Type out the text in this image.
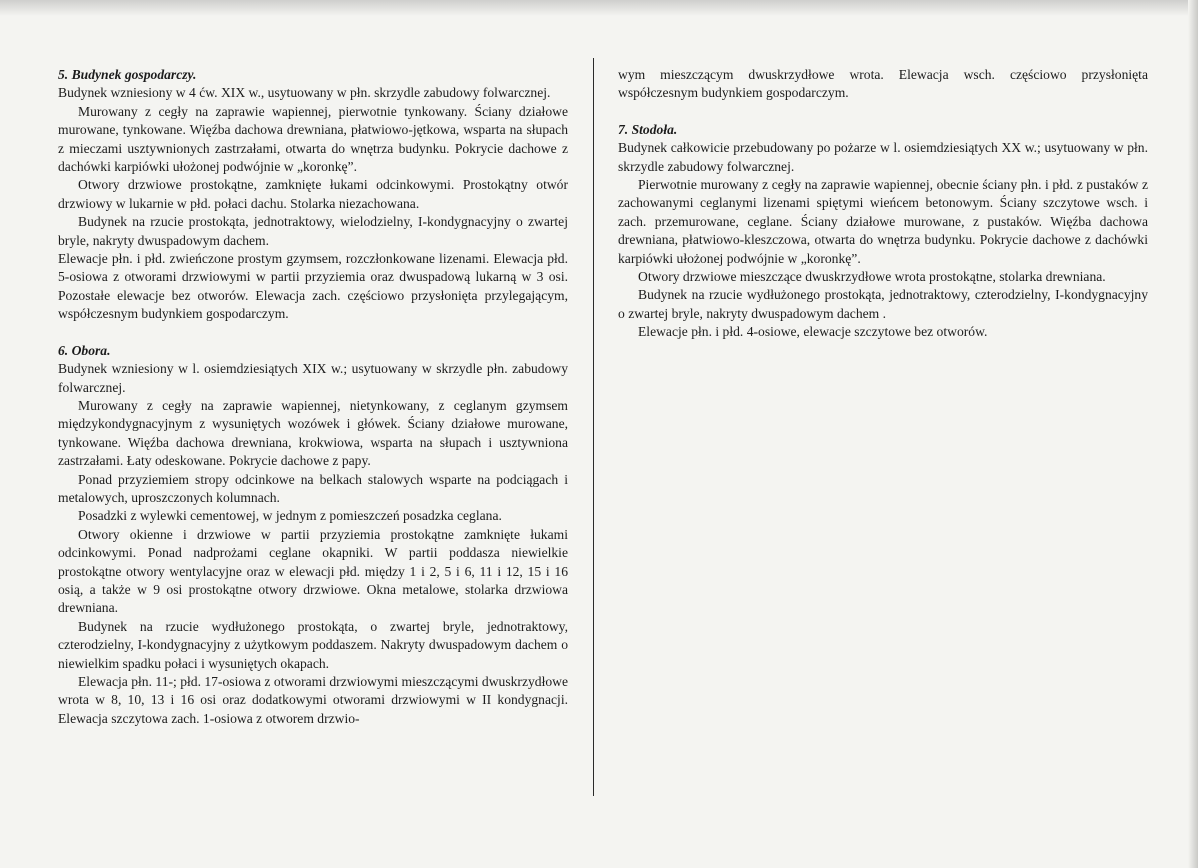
5. Budynek gospodarczy.

Budynek wzniesiony w 4 ćw. XIX w., usytuowany w płn. skrzydle zabudowy folwarcznej.

Murowany z cegły na zaprawie wapiennej, pierwotnie tynkowany. Ściany działowe murowane, tynkowane. Więźba dachowa drewniana, płatwiowo-jętkowa, wsparta na słupach z mieczami usztywnionych zastrzałami, otwarta do wnętrza budynku. Pokrycie dachowe z dachówki karpiówki ułożonej podwójnie w „koronkę”.

Otwory drzwiowe prostokątne, zamknięte łukami odcinkowymi. Prostokątny otwór drzwiowy w lukarnie w płd. połaci dachu. Stolarka niezachowana.

Budynek na rzucie prostokąta, jednotraktowy, wielodzielny, I-kondygnacyjny o zwartej bryle, nakryty dwuspadowym dachem.

Elewacje płn. i płd. zwieńczone prostym gzymsem, rozczłonkowane lizenami. Elewacja płd. 5-osiowa z otworami drzwiowymi w partii przyziemia oraz dwuspadową lukarną w 3 osi. Pozostałe elewacje bez otworów. Elewacja zach. częściowo przysłonięta przylegającym, współczesnym budynkiem gospodarczym.

6. Obora.

Budynek wzniesiony w l. osiemdziesiątych XIX w.; usytuowany w skrzydle płn. zabudowy folwarcznej.

Murowany z cegły na zaprawie wapiennej, nietynkowany, z ceglanym gzymsem międzykondygnacyjnym z wysuniętych wozówek i główek. Ściany działowe murowane, tynkowane. Więźba dachowa drewniana, krokwiowa, wsparta na słupach i usztywniona zastrzałami. Łaty odeskowane. Pokrycie dachowe z papy.

Ponad przyziemiem stropy odcinkowe na belkach stalowych wsparte na podciągach i metalowych, uproszczonych kolumnach.

Posadzki z wylewki cementowej, w jednym z pomieszczeń posadzka ceglana.

Otwory okienne i drzwiowe w partii przyziemia prostokątne zamknięte łukami odcinkowymi. Ponad nadprożami ceglane okapniki. W partii poddasza niewielkie prostokątne otwory wentylacyjne oraz w elewacji płd. między 1 i 2, 5 i 6, 11 i 12, 15 i 16 osią, a także w 9 osi prostokątne otwory drzwiowe. Okna metalowe, stolarka drzwiowa drewniana.

Budynek na rzucie wydłużonego prostokąta, o zwartej bryle, jednotraktowy, czterodzielny, I-kondygnacyjny z użytkowym poddaszem. Nakryty dwuspadowym dachem o niewielkim spadku połaci i wysuniętych okapach.

Elewacja płn. 11-; płd. 17-osiowa z otworami drzwiowymi mieszczącymi dwuskrzydłowe wrota w 8, 10, 13 i 16 osi oraz dodatkowymi otworami drzwiowymi w II kondygnacji. Elewacja szczytowa zach. 1-osiowa z otworem drzwio-

wym mieszczącym dwuskrzydłowe wrota. Elewacja wsch. częściowo przysłonięta współczesnym budynkiem gospodarczym.

7. Stodoła.

Budynek całkowicie przebudowany po pożarze w l. osiemdziesiątych XX w.; usytuowany w płn. skrzydle zabudowy folwarcznej.

Pierwotnie murowany z cegły na zaprawie wapiennej, obecnie ściany płn. i płd. z pustaków z zachowanymi ceglanymi lizenami spiętymi wieńcem betonowym. Ściany szczytowe wsch. i zach. przemurowane, ceglane. Ściany działowe murowane, z pustaków. Więźba dachowa drewniana, płatwiowo-kleszczowa, otwarta do wnętrza budynku. Pokrycie dachowe z dachówki karpiówki ułożonej podwójnie w „koronkę”.

Otwory drzwiowe mieszczące dwuskrzydłowe wrota prostokątne, stolarka drewniana.

Budynek na rzucie wydłużonego prostokąta, jednotraktowy, czterodzielny, I-kondygnacyjny o zwartej bryle, nakryty dwuspadowym dachem .

Elewacje płn. i płd. 4-osiowe, elewacje szczytowe bez otworów.
